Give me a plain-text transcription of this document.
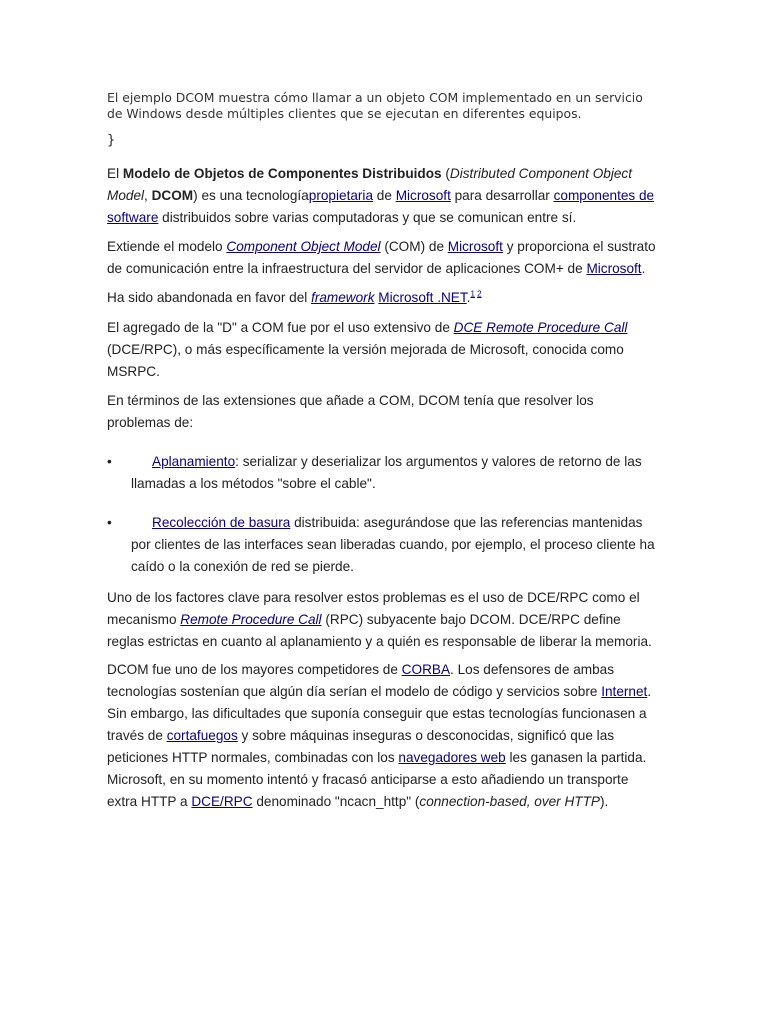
El ejemplo DCOM muestra cómo llamar a un objeto COM implementado en un servicio
de Windows desde múltiples clientes que se ejecutan en diferentes equipos.

}

El Modelo de Objetos de Componentes Distribuidos (Distributed Component Object Model, DCOM) es una tecnologíapropietaria de Microsoft para desarrollar componentes de software distribuidos sobre varias computadoras y que se comunican entre sí.

Extiende el modelo Component Object Model (COM) de Microsoft y proporciona el sustrato de comunicación entre la infraestructura del servidor de aplicaciones COM+ de Microsoft.

Ha sido abandonada en favor del framework Microsoft .NET.$^{1 2}$

El agregado de la "D" a COM fue por el uso extensivo de DCE Remote Procedure Call (DCE/RPC), o más específicamente la versión mejorada de Microsoft, conocida como MSRPC.

En términos de las extensiones que añade a COM, DCOM tenía que resolver los problemas de:

•	Aplanamiento: serializar y deserializar los argumentos y valores de retorno de las llamadas a los métodos "sobre el cable".

•	Recolección de basura distribuida: asegurándose que las referencias mantenidas por clientes de las interfaces sean liberadas cuando, por ejemplo, el proceso cliente ha caído o la conexión de red se pierde.

Uno de los factores clave para resolver estos problemas es el uso de DCE/RPC como el mecanismo Remote Procedure Call (RPC) subyacente bajo DCOM. DCE/RPC define reglas estrictas en cuanto al aplanamiento y a quién es responsable de liberar la memoria.

DCOM fue uno de los mayores competidores de CORBA. Los defensores de ambas tecnologías sostenían que algún día serían el modelo de código y servicios sobre Internet. Sin embargo, las dificultades que suponía conseguir que estas tecnologías funcionasen a través de cortafuegos y sobre máquinas inseguras o desconocidas, significó que las peticiones HTTP normales, combinadas con los navegadores web les ganasen la partida. Microsoft, en su momento intentó y fracasó anticiparse a esto añadiendo un transporte extra HTTP a DCE/RPC denominado "ncacn_http" (connection-based, over HTTP).
